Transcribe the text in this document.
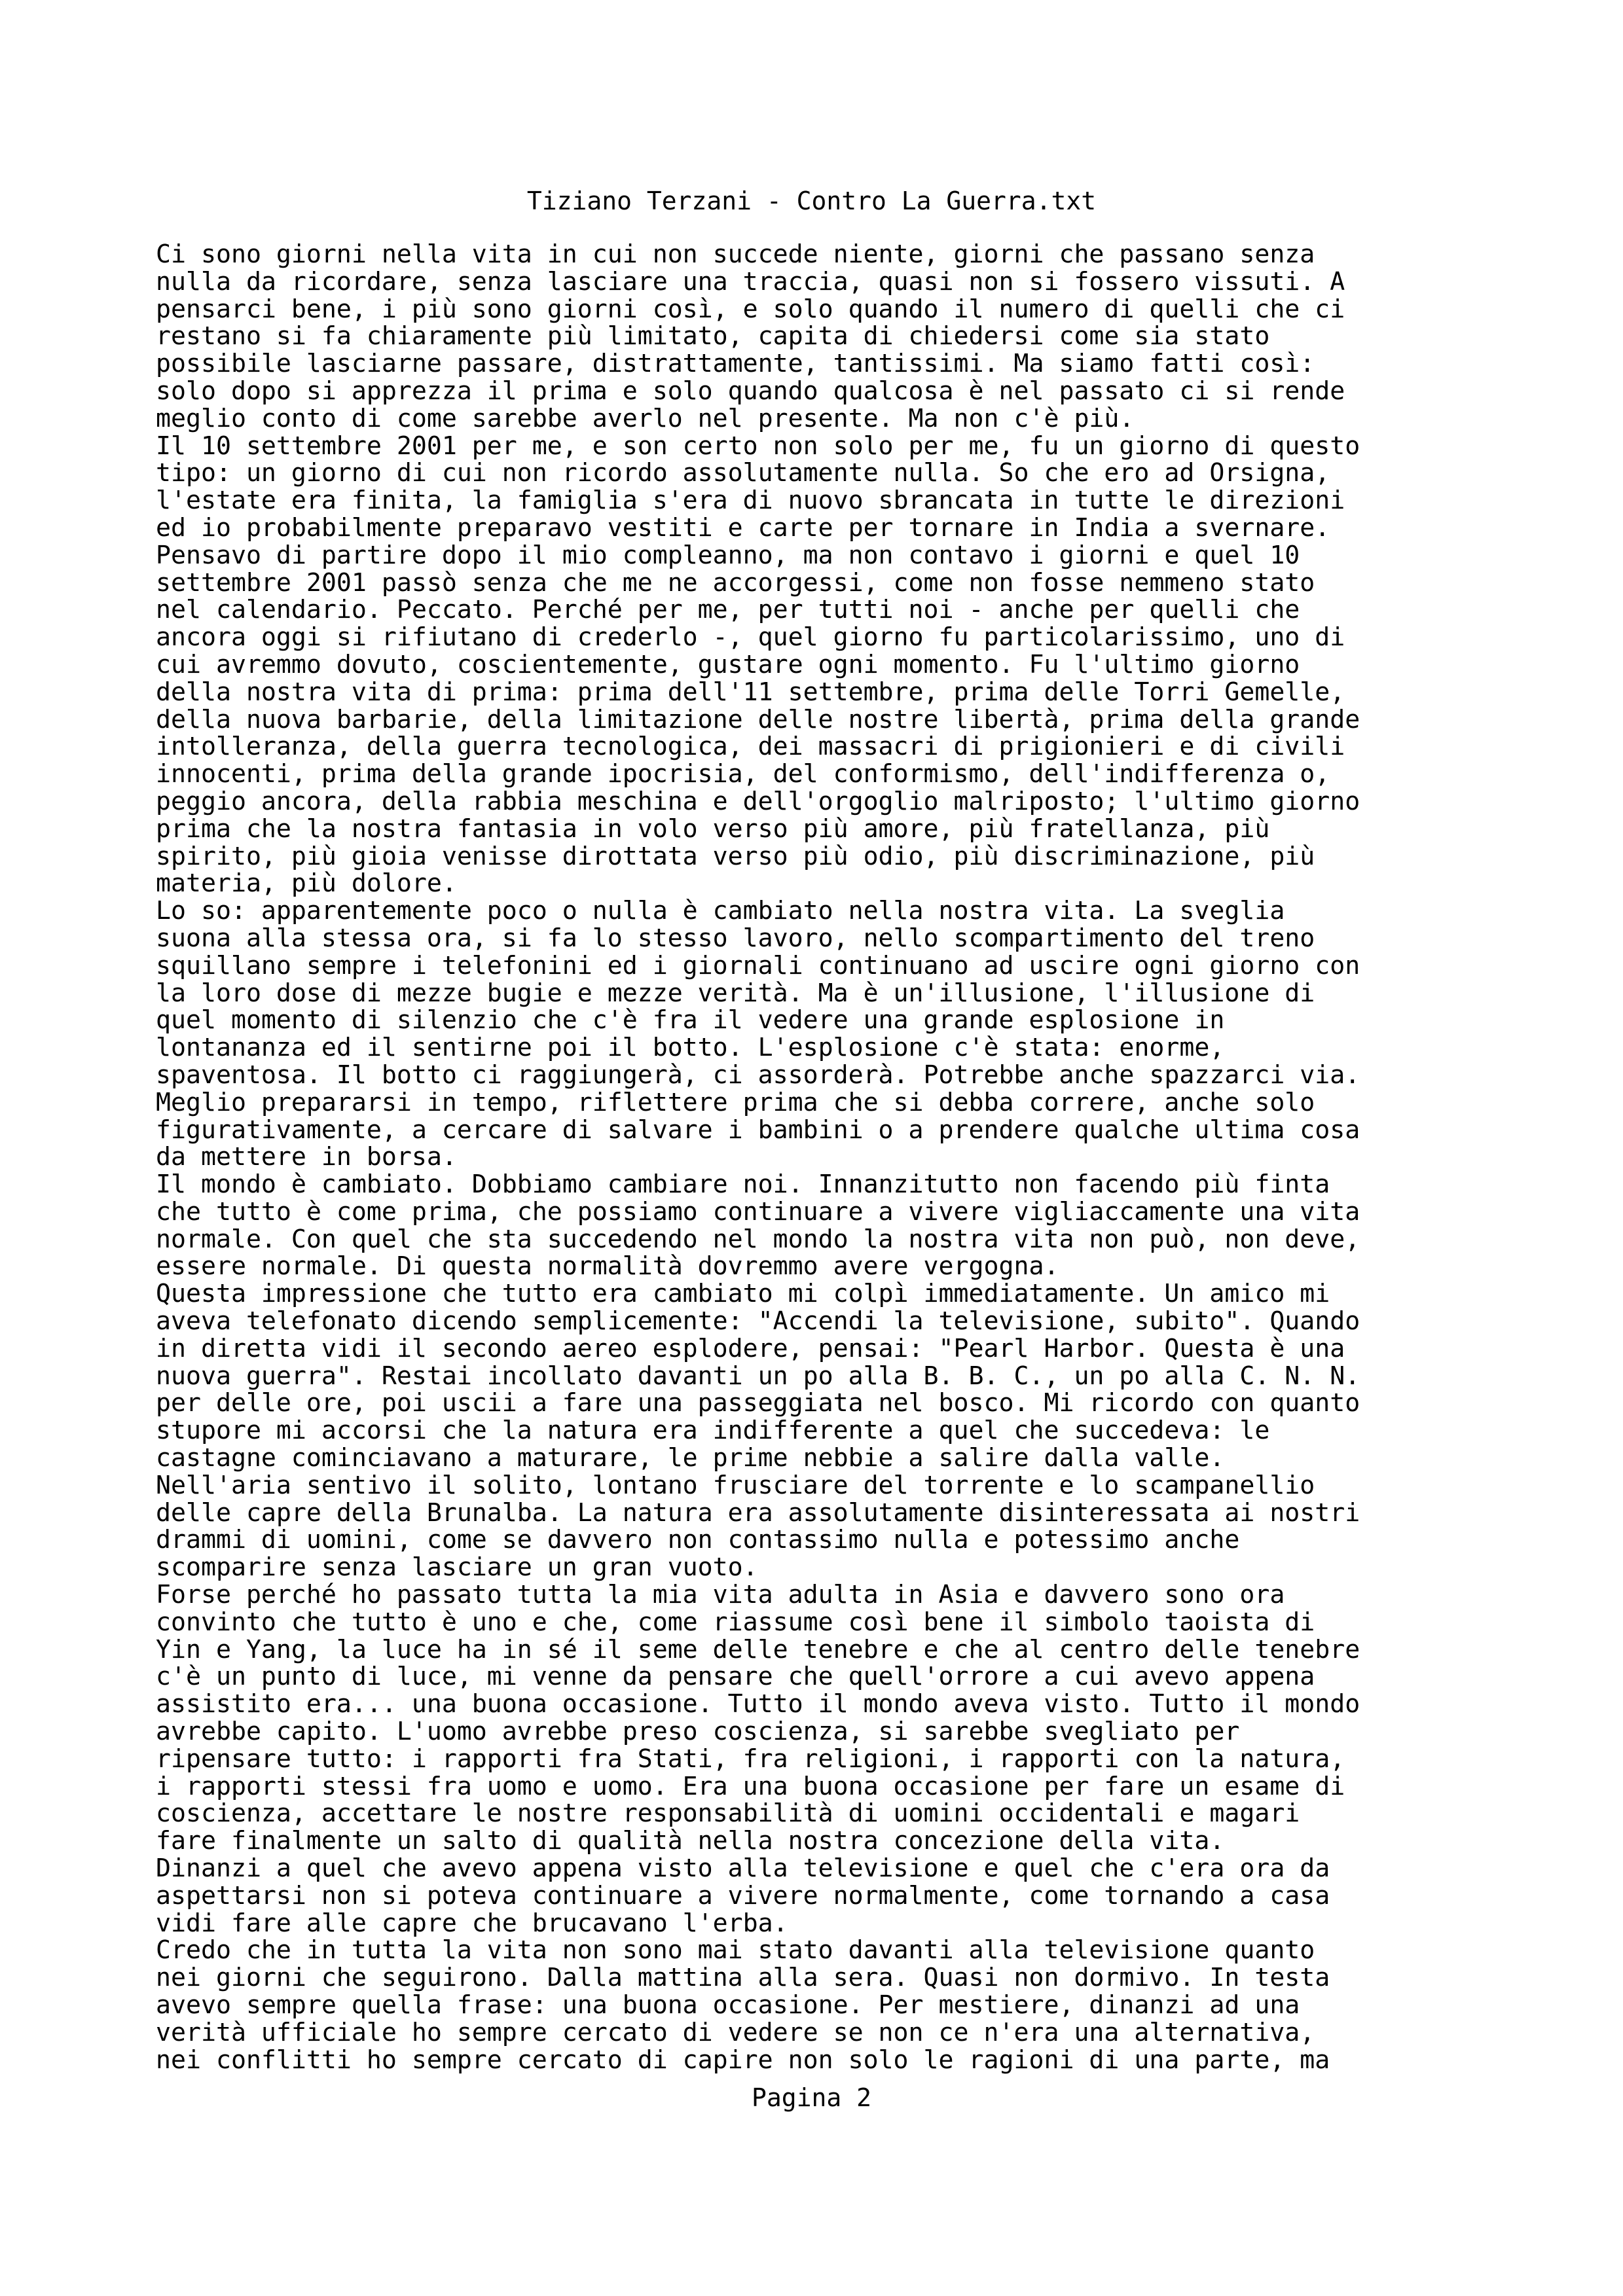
Tiziano Terzani - Contro La Guerra.txt
Ci sono giorni nella vita in cui non succede niente, giorni che passano senza
nulla da ricordare, senza lasciare una traccia, quasi non si fossero vissuti. A
pensarci bene, i più sono giorni così, e solo quando il numero di quelli che ci
restano si fa chiaramente più limitato, capita di chiedersi come sia stato
possibile lasciarne passare, distrattamente, tantissimi. Ma siamo fatti così:
solo dopo si apprezza il prima e solo quando qualcosa è nel passato ci si rende
meglio conto di come sarebbe averlo nel presente. Ma non c'è più.
Il 10 settembre 2001 per me, e son certo non solo per me, fu un giorno di questo
tipo: un giorno di cui non ricordo assolutamente nulla. So che ero ad Orsigna,
l'estate era finita, la famiglia s'era di nuovo sbrancata in tutte le direzioni
ed io probabilmente preparavo vestiti e carte per tornare in India a svernare.
Pensavo di partire dopo il mio compleanno, ma non contavo i giorni e quel 10
settembre 2001 passò senza che me ne accorgessi, come non fosse nemmeno stato
nel calendario. Peccato. Perché per me, per tutti noi - anche per quelli che
ancora oggi si rifiutano di crederlo -, quel giorno fu particolarissimo, uno di
cui avremmo dovuto, coscientemente, gustare ogni momento. Fu l'ultimo giorno
della nostra vita di prima: prima dell'11 settembre, prima delle Torri Gemelle,
della nuova barbarie, della limitazione delle nostre libertà, prima della grande
intolleranza, della guerra tecnologica, dei massacri di prigionieri e di civili
innocenti, prima della grande ipocrisia, del conformismo, dell'indifferenza o,
peggio ancora, della rabbia meschina e dell'orgoglio malriposto; l'ultimo giorno
prima che la nostra fantasia in volo verso più amore, più fratellanza, più
spirito, più gioia venisse dirottata verso più odio, più discriminazione, più
materia, più dolore.
Lo so: apparentemente poco o nulla è cambiato nella nostra vita. La sveglia
suona alla stessa ora, si fa lo stesso lavoro, nello scompartimento del treno
squillano sempre i telefonini ed i giornali continuano ad uscire ogni giorno con
la loro dose di mezze bugie e mezze verità. Ma è un'illusione, l'illusione di
quel momento di silenzio che c'è fra il vedere una grande esplosione in
lontananza ed il sentirne poi il botto. L'esplosione c'è stata: enorme,
spaventosa. Il botto ci raggiungerà, ci assorderà. Potrebbe anche spazzarci via.
Meglio prepararsi in tempo, riflettere prima che si debba correre, anche solo
figurativamente, a cercare di salvare i bambini o a prendere qualche ultima cosa
da mettere in borsa.
Il mondo è cambiato. Dobbiamo cambiare noi. Innanzitutto non facendo più finta
che tutto è come prima, che possiamo continuare a vivere vigliaccamente una vita
normale. Con quel che sta succedendo nel mondo la nostra vita non può, non deve,
essere normale. Di questa normalità dovremmo avere vergogna.
Questa impressione che tutto era cambiato mi colpì immediatamente. Un amico mi
aveva telefonato dicendo semplicemente: "Accendi la televisione, subito". Quando
in diretta vidi il secondo aereo esplodere, pensai: "Pearl Harbor. Questa è una
nuova guerra". Restai incollato davanti un po alla B. B. C., un po alla C. N. N.
per delle ore, poi uscii a fare una passeggiata nel bosco. Mi ricordo con quanto
stupore mi accorsi che la natura era indifferente a quel che succedeva: le
castagne cominciavano a maturare, le prime nebbie a salire dalla valle.
Nell'aria sentivo il solito, lontano frusciare del torrente e lo scampanellio
delle capre della Brunalba. La natura era assolutamente disinteressata ai nostri
drammi di uomini, come se davvero non contassimo nulla e potessimo anche
scomparire senza lasciare un gran vuoto.
Forse perché ho passato tutta la mia vita adulta in Asia e davvero sono ora
convinto che tutto è uno e che, come riassume così bene il simbolo taoista di
Yin e Yang, la luce ha in sé il seme delle tenebre e che al centro delle tenebre
c'è un punto di luce, mi venne da pensare che quell'orrore a cui avevo appena
assistito era... una buona occasione. Tutto il mondo aveva visto. Tutto il mondo
avrebbe capito. L'uomo avrebbe preso coscienza, si sarebbe svegliato per
ripensare tutto: i rapporti fra Stati, fra religioni, i rapporti con la natura,
i rapporti stessi fra uomo e uomo. Era una buona occasione per fare un esame di
coscienza, accettare le nostre responsabilità di uomini occidentali e magari
fare finalmente un salto di qualità nella nostra concezione della vita.
Dinanzi a quel che avevo appena visto alla televisione e quel che c'era ora da
aspettarsi non si poteva continuare a vivere normalmente, come tornando a casa
vidi fare alle capre che brucavano l'erba.
Credo che in tutta la vita non sono mai stato davanti alla televisione quanto
nei giorni che seguirono. Dalla mattina alla sera. Quasi non dormivo. In testa
avevo sempre quella frase: una buona occasione. Per mestiere, dinanzi ad una
verità ufficiale ho sempre cercato di vedere se non ce n'era una alternativa,
nei conflitti ho sempre cercato di capire non solo le ragioni di una parte, ma
Pagina 2
